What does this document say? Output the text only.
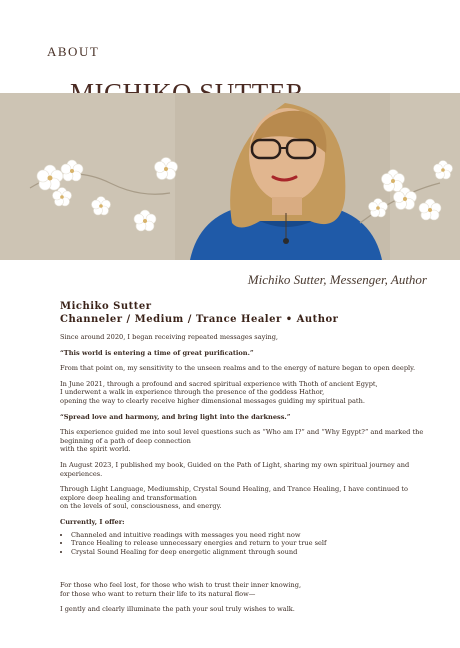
ABOUT
Michiko Sutter, Messenger, Author
Michiko Sutter
Channeler / Medium / Trance Healer • Author

Since around 2020, I began receiving repeated messages saying,

“This world is entering a time of great purification.”

From that point on, my sensitivity to the unseen realms and to the energy of nature began to open deeply.

In June 2021, through a profound and sacred spiritual experience with Thoth of ancient Egypt,
I underwent a walk in experience through the presence of the goddess Hathor,
opening the way to clearly receive higher dimensional messages guiding my spiritual path.

“Spread love and harmony, and bring light into the darkness.”

This experience guided me into soul level questions such as “Who am I?” and “Why Egypt?” and marked the beginning of a path of deep connection
with the spirit world.

In August 2023, I published my book, Guided on the Path of Light, sharing my own spiritual journey and experiences.

Through Light Language, Mediumship, Crystal Sound Healing, and Trance Healing, I have continued to explore deep healing and transformation
on the levels of soul, consciousness, and energy.

Currently, I offer:

• Channeled and intuitive readings with messages you need right now
• Trance Healing to release unnecessary energies and return to your true self
• Crystal Sound Healing for deep energetic alignment through sound

For those who feel lost, for those who wish to trust their inner knowing,
for those who want to return their life to its natural flow—

I gently and clearly illuminate the path your soul truly wishes to walk.
